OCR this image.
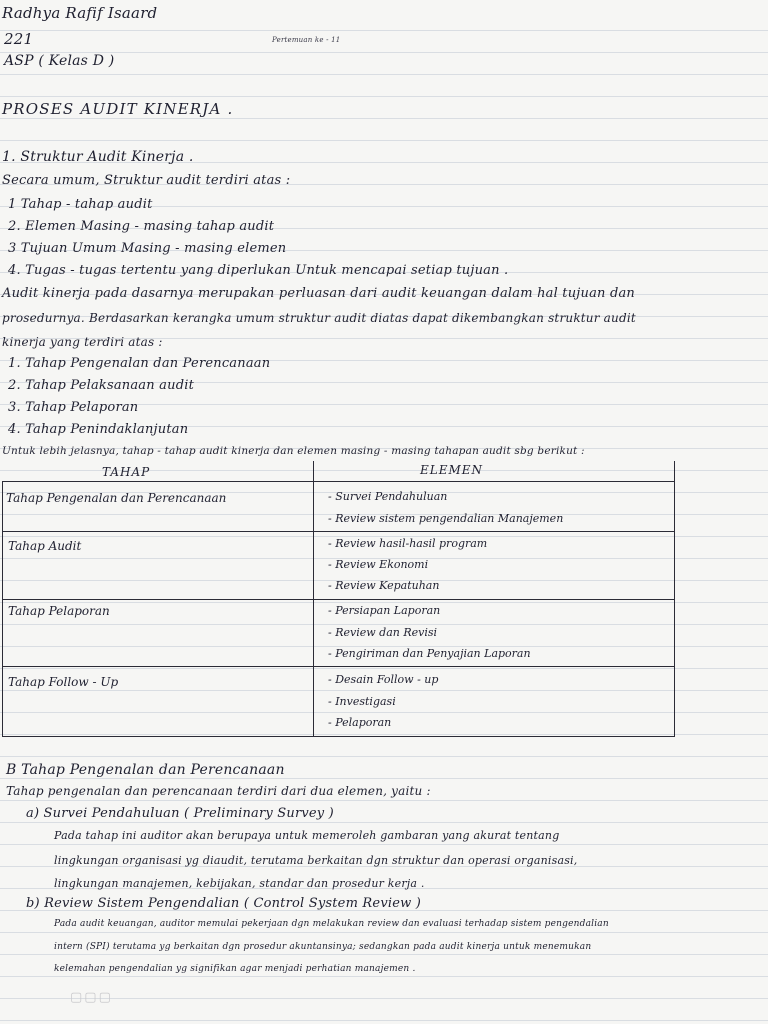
Radhya Rafif Isaard
221
ASP ( Kelas D )
Pertemuan ke - 11
PROSES AUDIT KINERJA .
1. Struktur Audit Kinerja .
Secara umum, Struktur audit terdiri atas :
1 Tahap - tahap audit
2. Elemen Masing - masing tahap audit
3 Tujuan Umum Masing - masing elemen
4. Tugas - tugas tertentu yang diperlukan Untuk mencapai setiap tujuan .
Audit kinerja pada dasarnya merupakan perluasan dari audit keuangan dalam hal tujuan dan
prosedurnya. Berdasarkan kerangka umum struktur audit diatas dapat dikembangkan struktur audit
kinerja yang terdiri atas :
1. Tahap Pengenalan dan Perencanaan
2. Tahap Pelaksanaan audit
3. Tahap Pelaporan
4. Tahap Penindaklanjutan
Untuk lebih jelasnya, tahap - tahap audit kinerja dan elemen masing - masing tahapan audit sbg berikut :
TAHAP	ELEMEN
Tahap Pengenalan dan Perencanaan	- Survei Pendahuluan
- Review sistem pengendalian Manajemen
Tahap Audit	- Review hasil-hasil program
- Review Ekonomi
- Review Kepatuhan
Tahap Pelaporan	- Persiapan Laporan
- Review dan Revisi
- Pengiriman dan Penyajian Laporan
Tahap Follow - Up	- Desain Follow - up
- Investigasi
- Pelaporan
B Tahap Pengenalan dan Perencanaan
Tahap pengenalan dan perencanaan terdiri dari dua elemen, yaitu :
a) Survei Pendahuluan ( Preliminary Survey )
Pada tahap ini auditor akan berupaya untuk memeroleh gambaran yang akurat tentang
lingkungan organisasi yg diaudit, terutama berkaitan dgn struktur dan operasi organisasi,
lingkungan manajemen, kebijakan, standar dan prosedur kerja .
b) Review Sistem Pengendalian ( Control System Review )
Pada audit keuangan, auditor memulai pekerjaan dgn melakukan review dan evaluasi terhadap sistem pengendalian
intern (SPI) terutama yg berkaitan dgn prosedur akuntansinya; sedangkan pada audit kinerja untuk menemukan
kelemahan pengendalian yg signifikan agar menjadi perhatian manajemen .
▢▢▢
